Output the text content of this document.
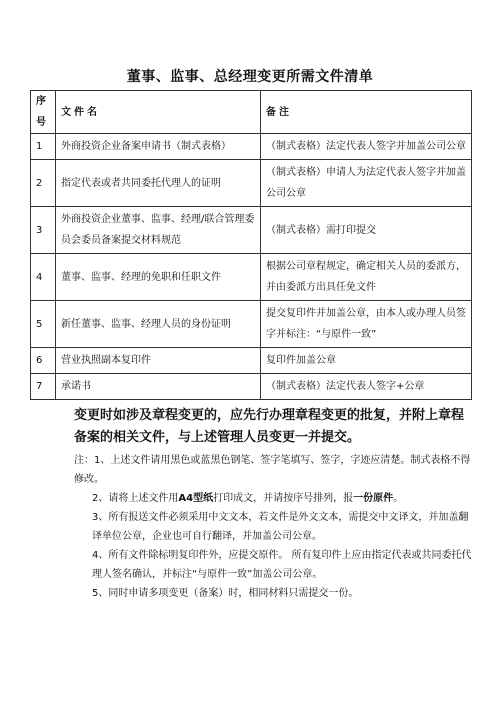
董事、监事、总经理变更所需文件清单
序号	文件名	备注
1	外商投资企业备案申请书（制式表格）	（制式表格）法定代表人签字并加盖公司公章
2	指定代表或者共同委托代理人的证明	（制式表格）申请人为法定代表人签字并加盖公司公章
3	外商投资企业董事、监事、经理/联合管理委员会委员备案提交材料规范	（制式表格）需打印提交
4	董事、监事、经理的免职和任职文件	根据公司章程规定，确定相关人员的委派方，并由委派方出具任免文件
5	新任董事、监事、经理人员的身份证明	提交复印件并加盖公章，由本人或办理人员签字并标注：“与原件一致”
6	营业执照副本复印件	复印件加盖公章
7	承诺书	（制式表格）法定代表人签字+公章
变更时如涉及章程变更的，应先行办理章程变更的批复，并附上章程备案的相关文件，与上述管理人员变更一并提交。

注：1、上述文件请用黑色或蓝黑色钢笔、签字笔填写、签字，字迹应清楚。制式表格不得修改。

2、请将上述文件用A4型纸打印成文，并请按序号排列，报一份原件。

3、所有报送文件必须采用中文文本，若文件是外文文本，需提交中文译文，并加盖翻译单位公章，企业也可自行翻译，并加盖公司公章。

4、所有文件除标明复印件外，应提交原件。 所有复印件上应由指定代表或共同委托代理人签名确认，并标注“与原件一致”加盖公司公章。

5、同时申请多项变更（备案）时，相同材料只需提交一份。
